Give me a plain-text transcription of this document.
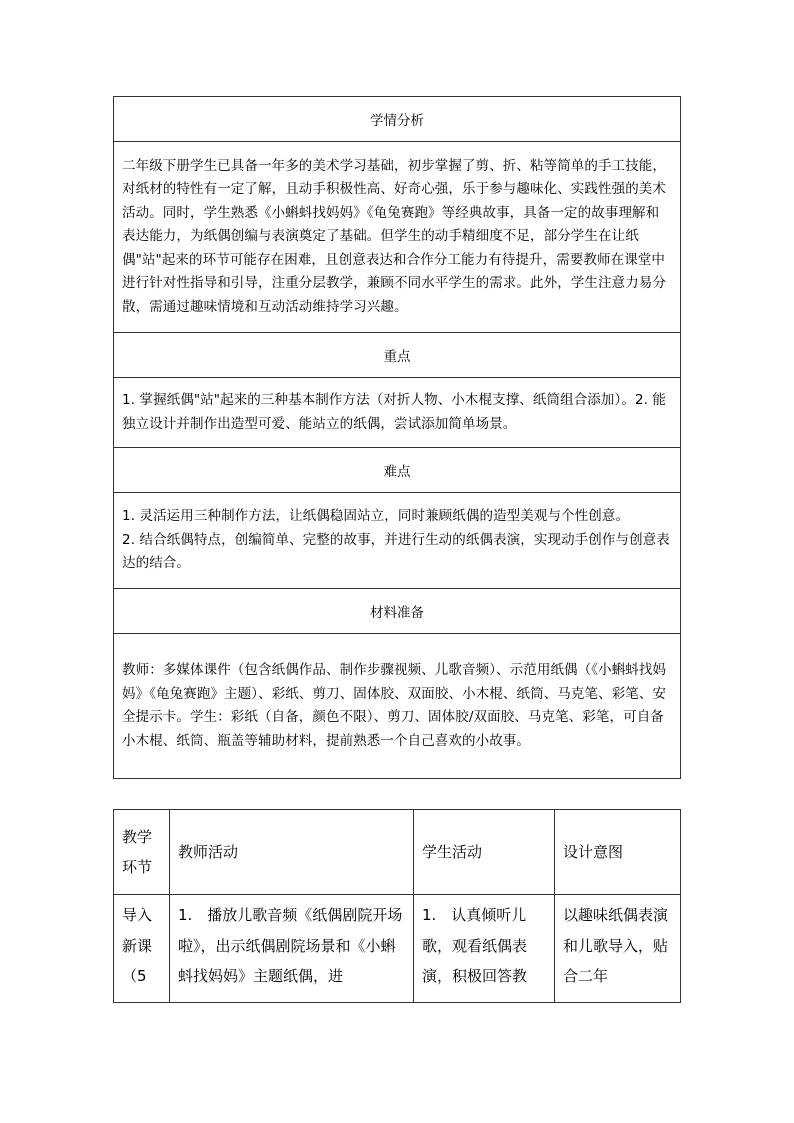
学情分析
二年级下册学生已具备一年多的美术学习基础，初步掌握了剪、折、粘等简单的手工技能，对纸材的特性有一定了解，且动手积极性高、好奇心强，乐于参与趣味化、实践性强的美术活动。同时，学生熟悉《小蝌蚪找妈妈》《龟兔赛跑》等经典故事，具备一定的故事理解和表达能力，为纸偶创编与表演奠定了基础。但学生的动手精细度不足，部分学生在让纸偶"站"起来的环节可能存在困难，且创意表达和合作分工能力有待提升，需要教师在课堂中进行针对性指导和引导，注重分层教学，兼顾不同水平学生的需求。此外，学生注意力易分散，需通过趣味情境和互动活动维持学习兴趣。
重点
1. 掌握纸偶"站"起来的三种基本制作方法（对折人物、小木棍支撑、纸筒组合添加）。2. 能独立设计并制作出造型可爱、能站立的纸偶，尝试添加简单场景。
难点

1. 灵活运用三种制作方法，让纸偶稳固站立，同时兼顾纸偶的造型美观与个性创意。
2. 结合纸偶特点，创编简单、完整的故事，并进行生动的纸偶表演，实现动手创作与创意表达的结合。

材料准备
教师：多媒体课件（包含纸偶作品、制作步骤视频、儿歌音频）、示范用纸偶（《小蝌蚪找妈妈》《龟兔赛跑》主题）、彩纸、剪刀、固体胶、双面胶、小木棍、纸筒、马克笔、彩笔、安全提示卡。学生：彩纸（自备，颜色不限）、剪刀、固体胶/双面胶、马克笔、彩笔，可自备小木棍、纸筒、瓶盖等辅助材料，提前熟悉一个自己喜欢的小故事。
教学环节	教师活动	学生活动	设计意图

导入新课（5	1.　播放儿歌音频《纸偶剧院开场啦》，出示纸偶剧院场景和《小蝌蚪找妈妈》主题纸偶，进	1.　认真倾听儿歌，观看纸偶表演，积极回答教	以趣味纸偶表演和儿歌导入，贴合二年
